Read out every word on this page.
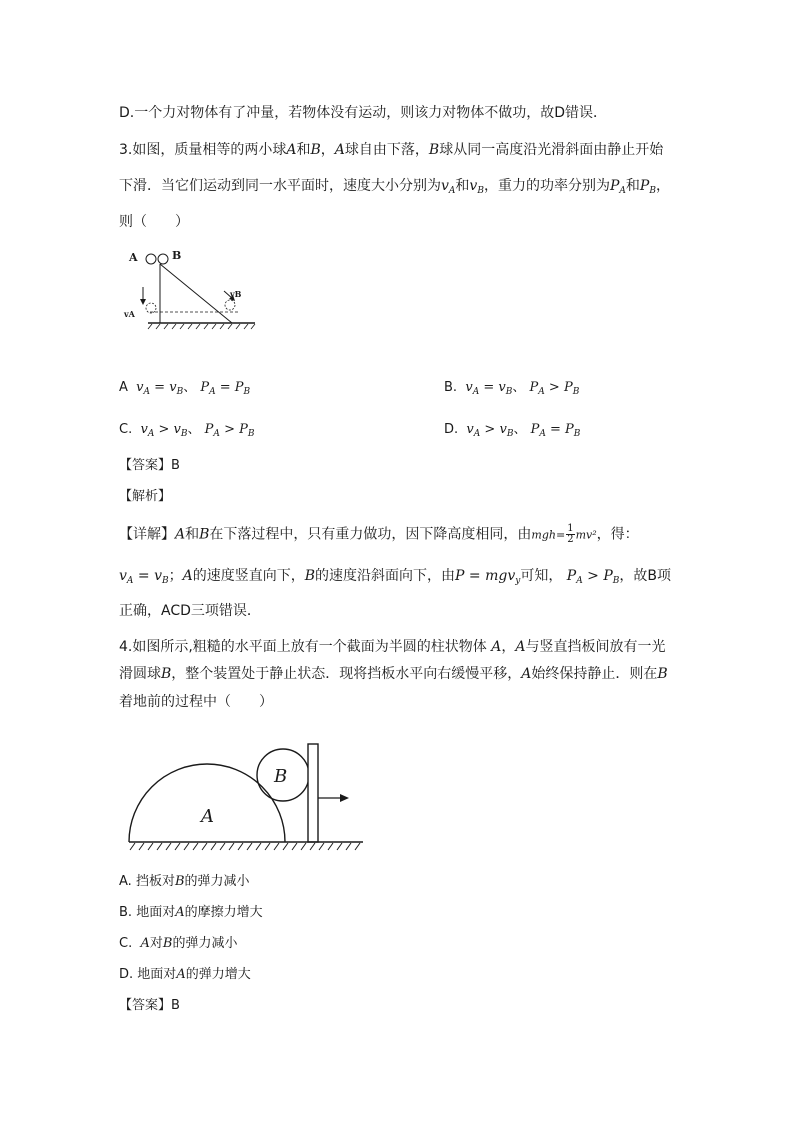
D.一个力对物体有了冲量，若物体没有运动，则该力对物体不做功，故D错误．
3.如图，质量相等的两小球A和B，A球自由下落，B球从同一高度沿光滑斜面由静止开始
下滑．当它们运动到同一水平面时，速度大小分别为$v_A$和$v_B$，重力的功率分别为$P_A$和$P_B$，
则（　　）
A	B
vA
vB
A $v_A = v_B$、 $P_A = P_B$	B. $v_A = v_B$、 $P_A > P_B$
C. $v_A > v_B$、 $P_A > P_B$	D. $v_A > v_B$、 $P_A = P_B$
【答案】B
【解析】
【详解】A和B在下落过程中，只有重力做功，因下降高度相同，由$mgh= \frac{1}{2} mv^2$，得：
$v_A = v_B$；A的速度竖直向下，B的速度沿斜面向下，由P = mgv$_y$可知， $P_A > P_B$，故B项
正确，ACD三项错误．
4.如图所示,粗糙的水平面上放有一个截面为半圆的柱状物体 A，A与竖直挡板间放有一光
滑圆球B，整个装置处于静止状态．现将挡板水平向右缓慢平移，A始终保持静止．则在B
着地前的过程中（　　）
A
B
A. 挡板对B的弹力减小
B. 地面对A的摩擦力增大
C. A对B的弹力减小
D. 地面对A的弹力增大
【答案】B
